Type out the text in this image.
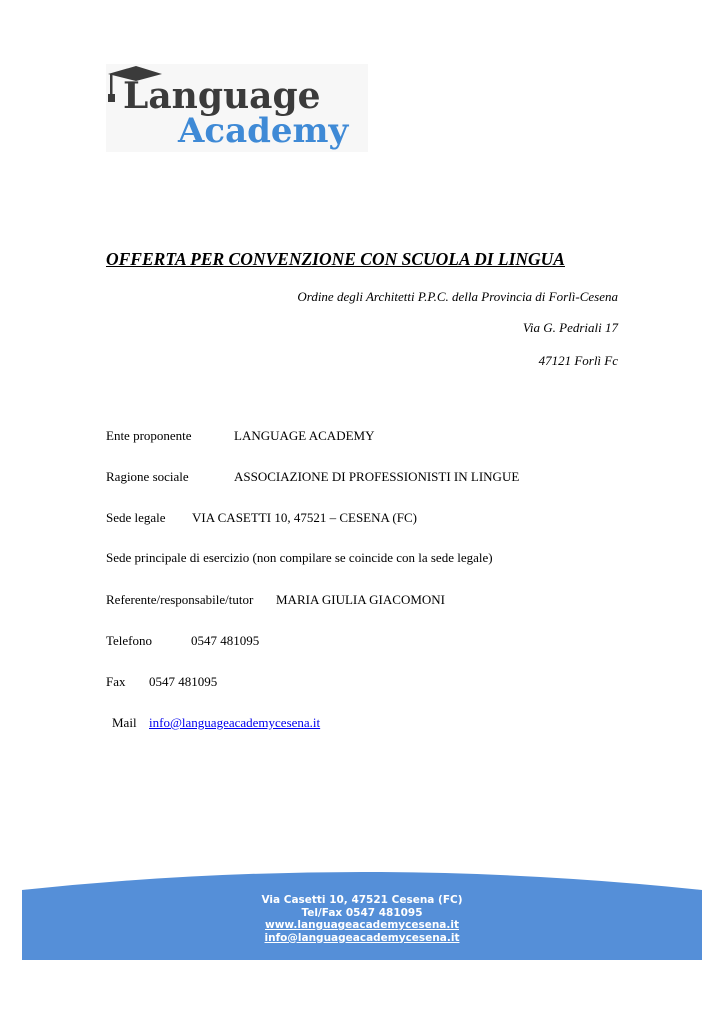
Language
Academy
OFFERTA PER CONVENZIONE CON SCUOLA DI LINGUA
Ordine degli Architetti P.P.C. della Provincia di Forlì-Cesena
Via G. Pedriali 17
47121 Forlì Fc
Ente proponente	LANGUAGE ACADEMY
Ragione sociale	ASSOCIAZIONE DI PROFESSIONISTI IN LINGUE
Sede legale VIA CASETTI 10, 47521 – CESENA (FC)
Sede principale di esercizio (non compilare se coincide con la sede legale)
Referente/responsabile/tutor MARIA GIULIA GIACOMONI
Telefono	0547 481095
Fax 0547 481095
Mail info@languageacademycesena.it
Via Casetti 10, 47521 Cesena (FC)
Tel/Fax 0547 481095
www.languageacademycesena.it
info@languageacademycesena.it
